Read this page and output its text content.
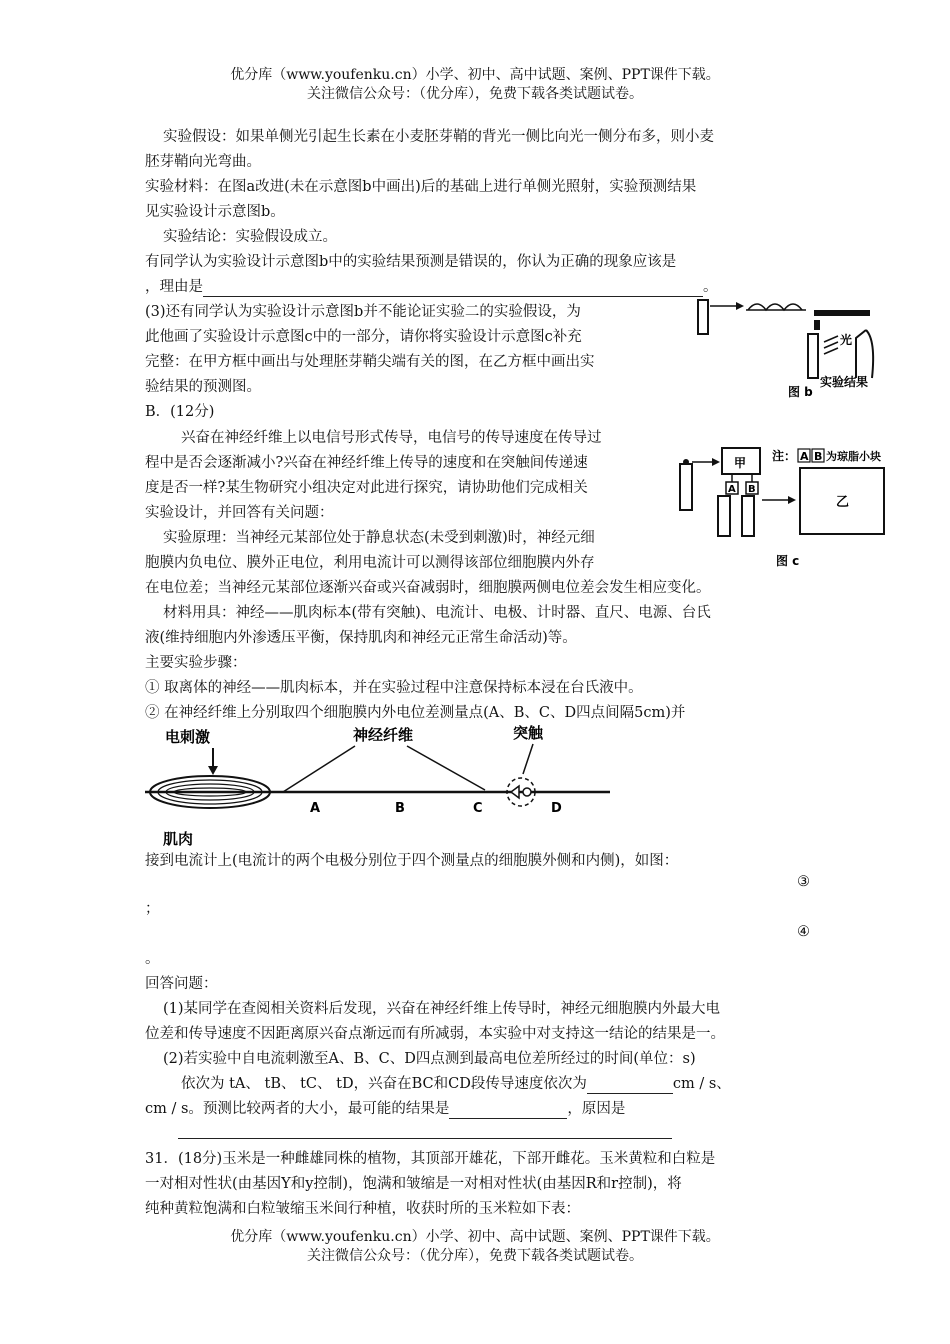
优分库（www.youfenku.cn）小学、初中、高中试题、案例、PPT课件下载。
关注微信公众号：（优分库），免费下载各类试题试卷。
实验假设：如果单侧光引起生长素在小麦胚芽鞘的背光一侧比向光一侧分布多，则小麦
胚芽鞘向光弯曲。
实验材料：在图a改进(未在示意图b中画出)后的基础上进行单侧光照射，实验预测结果
见实验设计示意图b。
实验结论：实验假设成立。
有同学认为实验设计示意图b中的实验结果预测是错误的，你认为正确的现象应该是
，理由是	。
(3)还有同学认为实验设计示意图b并不能论证实验二的实验假设，为
此他画了实验设计示意图c中的一部分，请你将实验设计示意图c补充
完整：在甲方框中画出与处理胚芽鞘尖端有关的图，在乙方框中画出实
验结果的预测图。
B．(12分)
兴奋在神经纤维上以电信号形式传导，电信号的传导速度在传导过
程中是否会逐渐减小?兴奋在神经纤维上传导的速度和在突触间传递速
度是否一样?某生物研究小组决定对此进行探究，请协助他们完成相关
实验设计，并回答有关问题：
实验原理：当神经元某部位处于静息状态(未受到刺激)时，神经元细
胞膜内负电位、膜外正电位，利用电流计可以测得该部位细胞膜内外存
在电位差；当神经元某部位逐渐兴奋或兴奋减弱时，细胞膜两侧电位差会发生相应变化。
材料用具：神经——肌肉标本(带有突触)、电流计、电极、计时器、直尺、电源、台氏
液(维持细胞内外渗透压平衡，保持肌肉和神经元正常生命活动)等。
主要实验步骤：
① 取离体的神经——肌肉标本，并在实验过程中注意保持标本浸在台氏液中。
② 在神经纤维上分别取四个细胞膜内外电位差测量点(A、B、C、D四点间隔5cm)并
光
实验结果
图 b
甲
A B
注： A B 为琼脂小块
乙
图 c
电刺激	神经纤维	突触
A	B	C	D
肌肉
接到电流计上(电流计的两个电极分别位于四个测量点的细胞膜外侧和内侧)，如图：
③
；
④
。
回答问题：
(1)某同学在查阅相关资料后发现，兴奋在神经纤维上传导时，神经元细胞膜内外最大电
位差和传导速度不因距离原兴奋点渐远而有所减弱，本实验中对支持这一结论的结果是一。
(2)若实验中自电流刺激至A、B、C、D四点测到最高电位差所经过的时间(单位：s)
依次为 tA、 tB、 tC、 tD，兴奋在BC和CD段传导速度依次为	cm / s、
cm / s。预测比较两者的大小，最可能的结果是	，原因是
31．(18分)玉米是一种雌雄同株的植物，其顶部开雄花，下部开雌花。玉米黄粒和白粒是
一对相对性状(由基因Y和y控制)，饱满和皱缩是一对相对性状(由基因R和r控制)，将
纯种黄粒饱满和白粒皱缩玉米间行种植，收获时所的玉米粒如下表：
优分库（www.youfenku.cn）小学、初中、高中试题、案例、PPT课件下载。
关注微信公众号：（优分库），免费下载各类试题试卷。
